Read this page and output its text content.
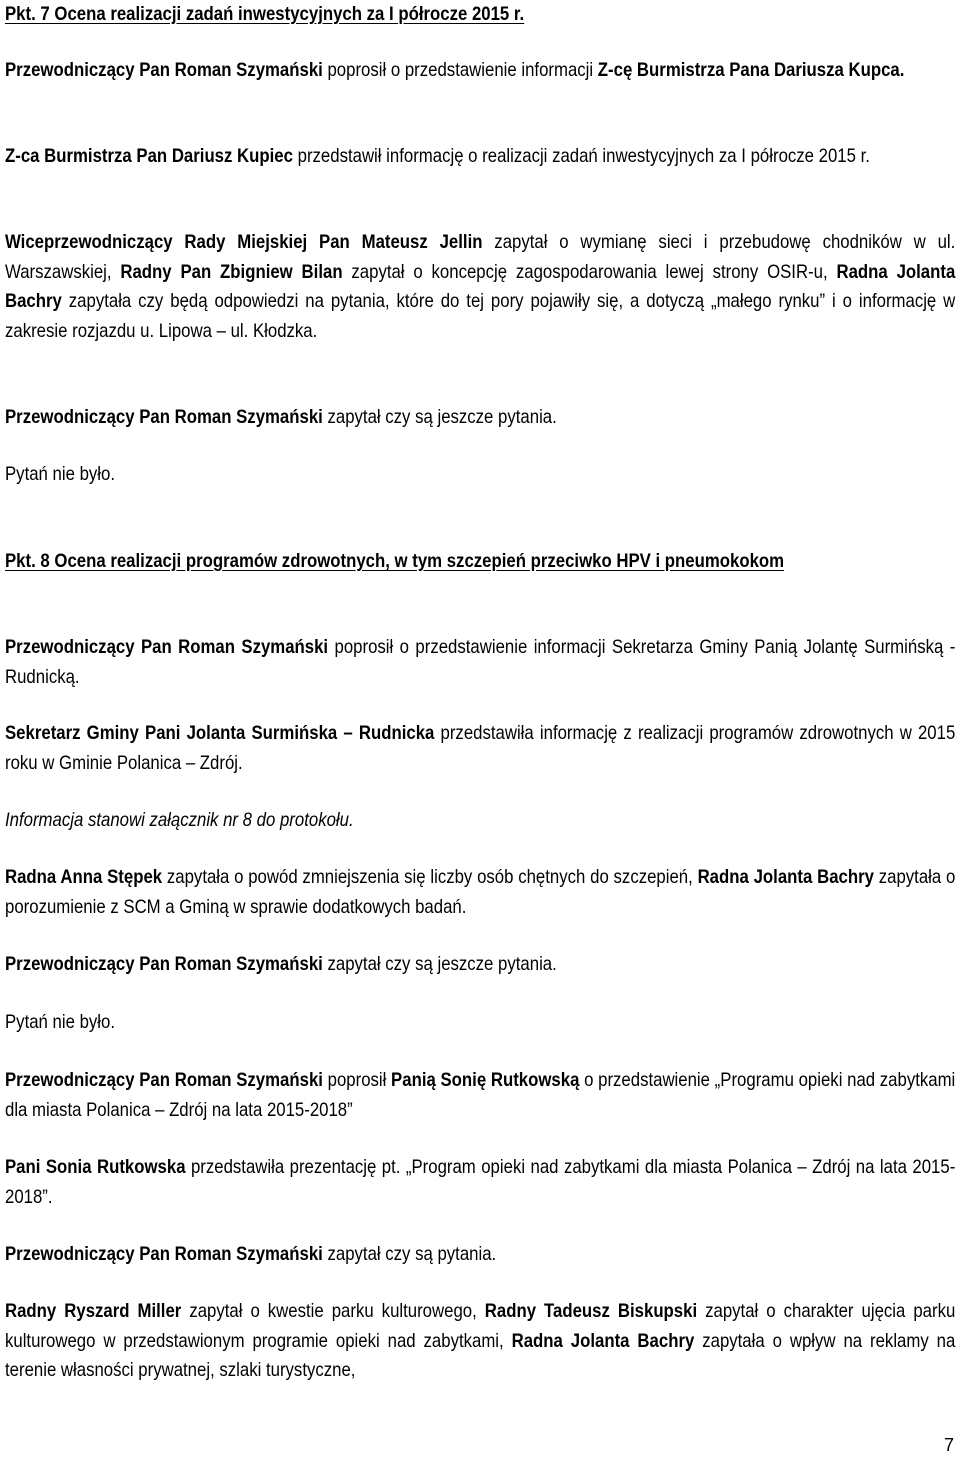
Pkt. 7 Ocena realizacji zadań inwestycyjnych za I półrocze 2015 r.
Przewodniczący Pan Roman Szymański poprosił o przedstawienie informacji Z-cę Burmistrza Pana Dariusza Kupca.
Z-ca Burmistrza Pan Dariusz Kupiec przedstawił informację o realizacji zadań inwestycyjnych za I półrocze 2015 r.
Wiceprzewodniczący Rady Miejskiej Pan Mateusz Jellin zapytał o wymianę sieci i przebudowę chodników w ul. Warszawskiej, Radny Pan Zbigniew Bilan zapytał o koncepcję zagospodarowania lewej strony OSIR-u, Radna Jolanta Bachry zapytała czy będą odpowiedzi na pytania, które do tej pory pojawiły się, a dotyczą „małego rynku” i o informację w zakresie rozjazdu u. Lipowa – ul. Kłodzka.
Przewodniczący Pan Roman Szymański zapytał czy są jeszcze pytania.
Pytań nie było.
Pkt. 8 Ocena realizacji programów zdrowotnych, w tym szczepień przeciwko HPV i pneumokokom
Przewodniczący Pan Roman Szymański poprosił o przedstawienie informacji Sekretarza Gminy Panią Jolantę Surmińską - Rudnicką.
Sekretarz Gminy Pani Jolanta Surmińska – Rudnicka przedstawiła informację z realizacji programów zdrowotnych w 2015 roku w Gminie Polanica – Zdrój.
Informacja stanowi załącznik nr 8 do protokołu.
Radna Anna Stępek zapytała o powód zmniejszenia się liczby osób chętnych do szczepień, Radna Jolanta Bachry zapytała o porozumienie z SCM a Gminą w sprawie dodatkowych badań.
Przewodniczący Pan Roman Szymański zapytał czy są jeszcze pytania.
Pytań nie było.
Przewodniczący Pan Roman Szymański poprosił Panią Sonię Rutkowską o przedstawienie „Programu opieki nad zabytkami dla miasta Polanica – Zdrój na lata 2015-2018”
Pani Sonia Rutkowska przedstawiła prezentację pt. „Program opieki nad zabytkami dla miasta Polanica – Zdrój na lata 2015-2018”.
Przewodniczący Pan Roman Szymański zapytał czy są pytania.
Radny Ryszard Miller zapytał o kwestie parku kulturowego, Radny Tadeusz Biskupski zapytał o charakter ujęcia parku kulturowego w przedstawionym programie opieki nad zabytkami, Radna Jolanta Bachry zapytała o wpływ na reklamy na terenie własności prywatnej, szlaki turystyczne,
7
